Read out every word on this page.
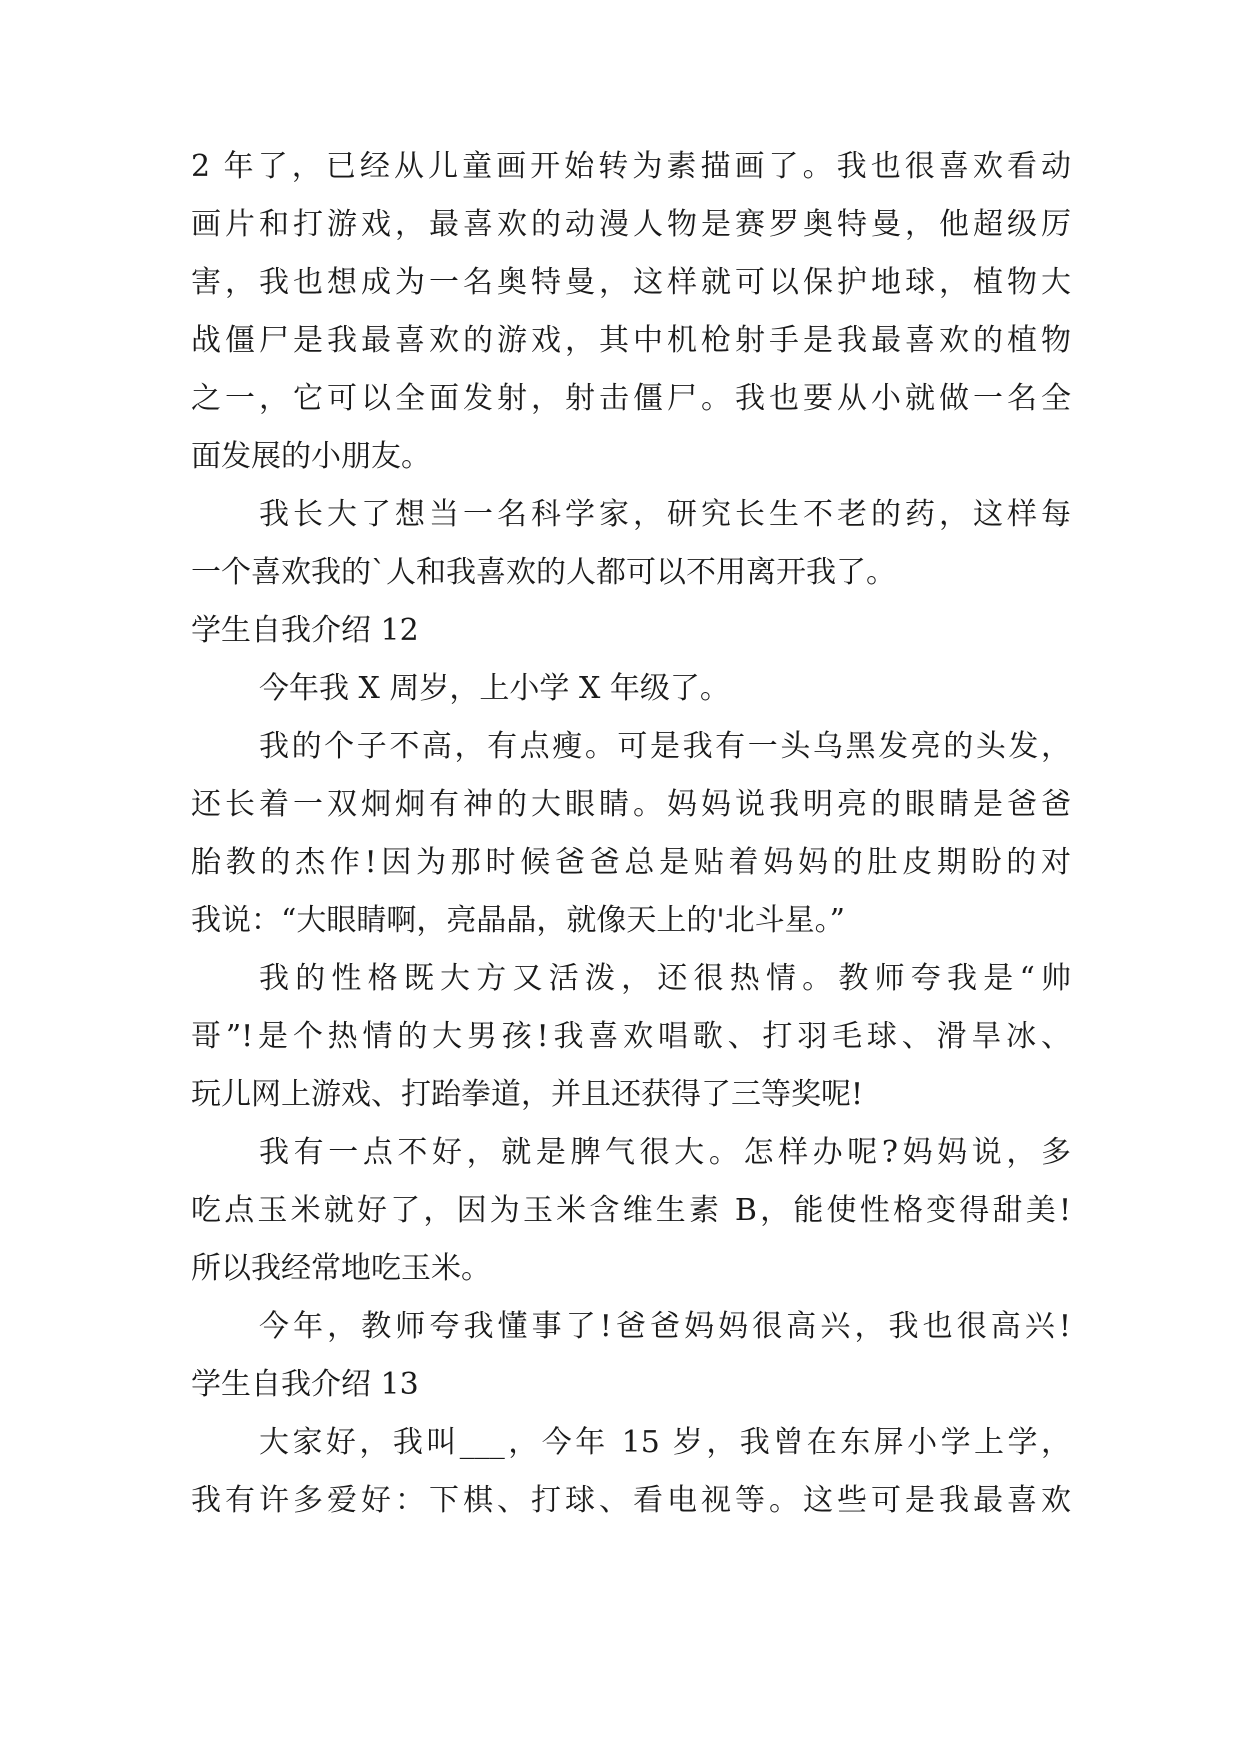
2 年了，已经从儿童画开始转为素描画了。我也很喜欢看动
画片和打游戏，最喜欢的动漫人物是赛罗奥特曼，他超级厉
害，我也想成为一名奥特曼，这样就可以保护地球，植物大
战僵尸是我最喜欢的游戏，其中机枪射手是我最喜欢的植物
之一，它可以全面发射，射击僵尸。我也要从小就做一名全
面发展的小朋友。
我长大了想当一名科学家，研究长生不老的药，这样每
一个喜欢我的`人和我喜欢的人都可以不用离开我了。
学生自我介绍 12
今年我 X 周岁，上小学 X 年级了。
我的个子不高，有点瘦。可是我有一头乌黑发亮的头发，
还长着一双炯炯有神的大眼睛。妈妈说我明亮的眼睛是爸爸
胎教的杰作!因为那时候爸爸总是贴着妈妈的肚皮期盼的对
我说：“大眼睛啊，亮晶晶，就像天上的'北斗星。”
我的性格既大方又活泼，还很热情。教师夸我是“帅
哥”!是个热情的大男孩!我喜欢唱歌、打羽毛球、滑旱冰、
玩儿网上游戏、打跆拳道，并且还获得了三等奖呢!
我有一点不好，就是脾气很大。怎样办呢?妈妈说，多
吃点玉米就好了，因为玉米含维生素 B，能使性格变得甜美!
所以我经常地吃玉米。
今年，教师夸我懂事了!爸爸妈妈很高兴，我也很高兴!
学生自我介绍 13
大家好，我叫___，今年 15 岁，我曾在东屏小学上学，
我有许多爱好：下棋、打球、看电视等。这些可是我最喜欢
